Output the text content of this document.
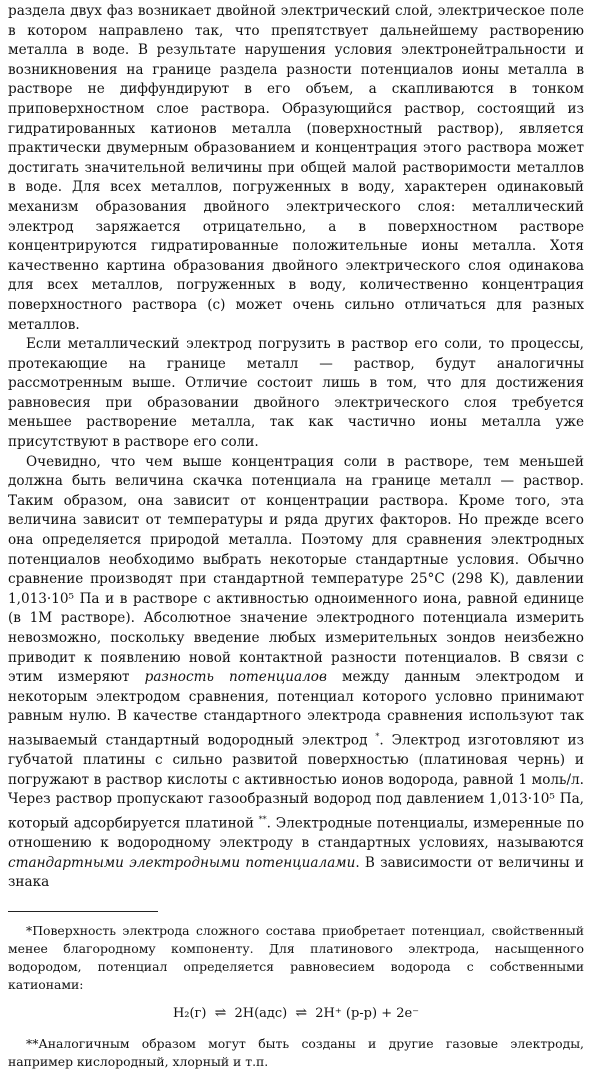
раздела двух фаз возникает двойной электрический слой, электрическое поле в котором направлено так, что препятствует дальнейшему растворению металла в воде. В результате нарушения условия электронейтральности и возникновения на границе раздела разности потенциалов ионы металла в растворе не диффундируют в его объем, а скапливаются в тонком приповерхностном слое раствора. Образующийся раствор, состоящий из гидратированных катионов металла (поверхностный раствор), является практически двумерным образованием и концентрация этого раствора может достигать значительной величины при общей малой растворимости металлов в воде. Для всех металлов, погруженных в воду, характерен одинаковый механизм образования двойного электрического слоя: металлический электрод заряжается отрицательно, а в поверхностном растворе концентрируются гидратированные положительные ионы металла. Хотя качественно картина образования двойного электрического слоя одинакова для всех металлов, погруженных в воду, количественно концентрация поверхностного раствора (c) может очень сильно отличаться для разных металлов.

Если металлический электрод погрузить в раствор его соли, то процессы, протекающие на границе металл — раствор, будут аналогичны рассмотренным выше. Отличие состоит лишь в том, что для достижения равновесия при образовании двойного электрического слоя требуется меньшее растворение металла, так как частично ионы металла уже присутствуют в растворе его соли.

Очевидно, что чем выше концентрация соли в растворе, тем меньшей должна быть величина скачка потенциала на границе металл — раствор. Таким образом, она зависит от концентрации раствора. Кроме того, эта величина зависит от температуры и ряда других факторов. Но прежде всего она определяется природой металла. Поэтому для сравнения электродных потенциалов необходимо выбрать некоторые стандартные условия. Обычно сравнение производят при стандартной температуре 25°C (298 K), давлении 1,013·10⁵ Па и в растворе с активностью одноименного иона, равной единице (в 1M растворе). Абсолютное значение электродного потенциала измерить невозможно, поскольку введение любых измерительных зондов неизбежно приводит к появлению новой контактной разности потенциалов. В связи с этим измеряют разность потенциалов между данным электродом и некоторым электродом сравнения, потенциал которого условно принимают равным нулю. В качестве стандартного электрода сравнения используют так называемый стандартный водородный электрод *. Электрод изготовляют из губчатой платины с сильно развитой поверхностью (платиновая чернь) и погружают в раствор кислоты с активностью ионов водорода, равной 1 моль/л. Через раствор пропускают газообразный водород под давлением 1,013·10⁵ Па, который адсорбируется платиной **. Электродные потенциалы, измеренные по отношению к водородному электроду в стандартных условиях, называются стандартными электродными потенциалами. В зависимости от величины и знака

*Поверхность электрода сложного состава приобретает потенциал, свойственный менее благородному компоненту. Для платинового электрода, насыщенного водородом, потенциал определяется равновесием водорода с собственными катионами:

H₂(г) ⇌ 2H(адс) ⇌ 2H⁺ (р-р) + 2e⁻

**Аналогичным образом могут быть созданы и другие газовые электроды, например кислородный, хлорный и т.п.
